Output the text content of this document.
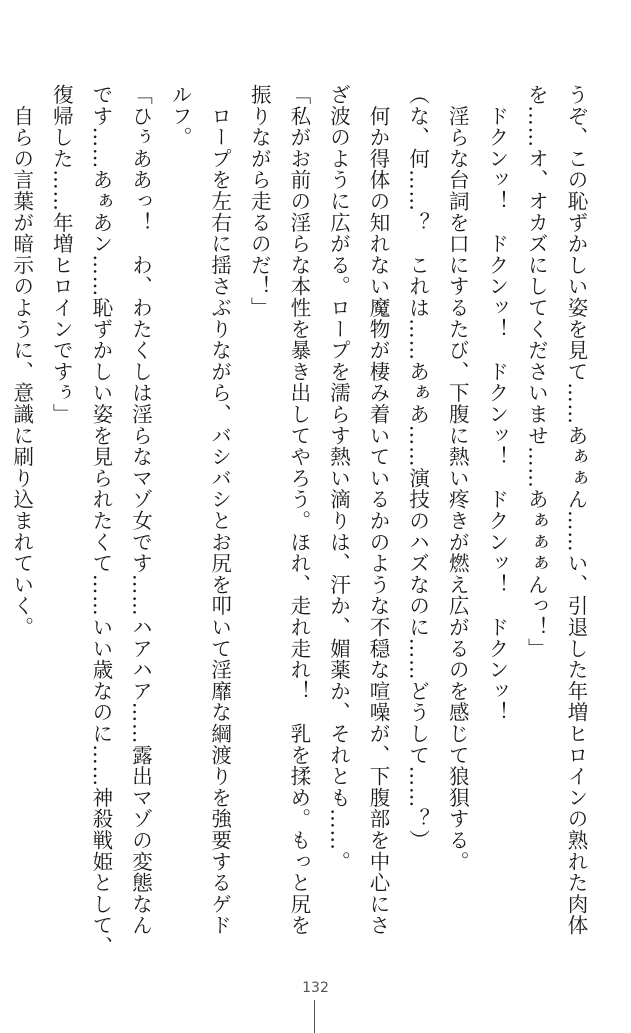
うぞ、この恥ずかしい姿を見て……あぁぁん……い、引退した年増ヒロインの熟れた肉体

を……オ、オカズにしてくださいませ……あぁぁぁんっ！」

　ドクンッ！　ドクンッ！　ドクンッ！　ドクンッ！　ドクンッ！

　淫らな台詞を口にするたび、下腹に熱い疼きが燃え広がるのを感じて狼狽する。

（な、何……？　これは……あぁあ……演技のハズなのに……どうして……？）

　何か得体の知れない魔物が棲み着いているかのような不穏な喧噪が、下腹部を中心にさ

ざ波のように広がる。ロープを濡らす熱い滴りは、汗か、媚薬か、それとも……。

「私がお前の淫らな本性を暴き出してやろう。ほれ、走れ走れ！　乳を揉め。もっと尻を

振りながら走るのだ！」

　ロープを左右に揺さぶりながら、バシバシとお尻を叩いて淫靡な綱渡りを強要するゲド

ルフ。

「ひぅああっ！　わ、わたくしは淫らなマゾ女です……ハアハア……露出マゾの変態なん

です……あぁあン……恥ずかしい姿を見られたくて……いい歳なのに……神殺戦姫として、

復帰した……年増ヒロインですぅ」

　自らの言葉が暗示のように、意識に刷り込まれていく。

132
